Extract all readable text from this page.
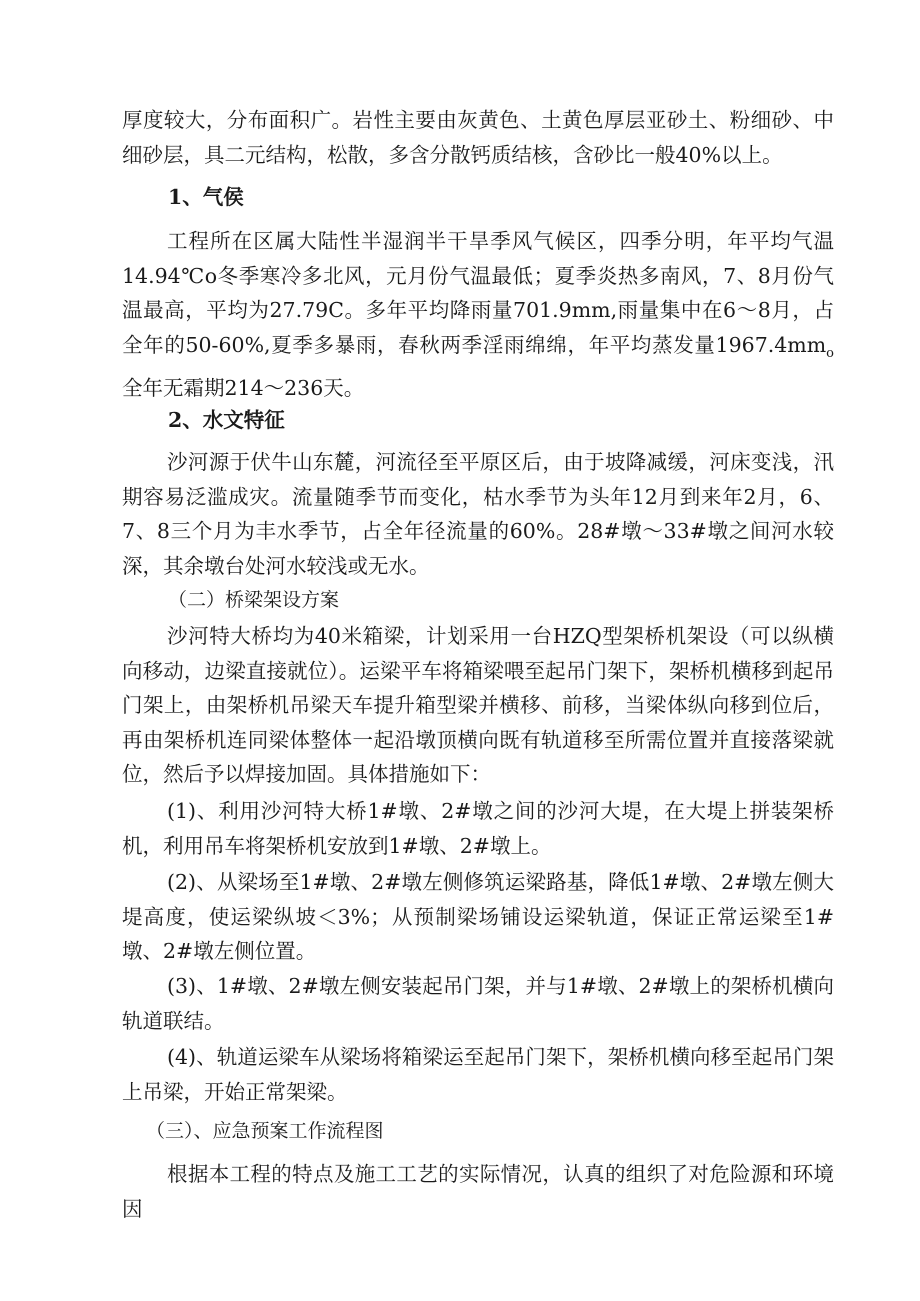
厚度较大，分布面积广。岩性主要由灰黄色、土黄色厚层亚砂土、粉细砂、中细砂层，具二元结构，松散，多含分散钙质结核，含砂比一般40%以上。
1、气侯
工程所在区属大陆性半湿润半干旱季风气候区，四季分明，年平均气温14.94℃o冬季寒冷多北风，元月份气温最低；夏季炎热多南风，7、8月份气温最高，平均为27.79C。多年平均降雨量701.9mm,雨量集中在6～8月，占全年的50-60%,夏季多暴雨，春秋两季淫雨绵绵，年平均蒸发量$1967.4mm_o$全年无霜期214～236天。
2、水文特征
沙河源于伏牛山东麓，河流径至平原区后，由于坡降减缓，河床变浅，汛期容易泛滥成灾。流量随季节而变化，枯水季节为头年12月到来年2月，6、7、8三个月为丰水季节，占全年径流量的60%。28#墩～33#墩之间河水较深，其余墩台处河水较浅或无水。
（二）桥梁架设方案
沙河特大桥均为40米箱梁，计划采用一台HZQ型架桥机架设（可以纵横向移动，边梁直接就位）。运梁平车将箱梁喂至起吊门架下，架桥机横移到起吊门架上，由架桥机吊梁天车提升箱型梁并横移、前移，当梁体纵向移到位后，再由架桥机连同梁体整体一起沿墩顶横向既有轨道移至所需位置并直接落梁就位，然后予以焊接加固。具体措施如下：
(1)、利用沙河特大桥1#墩、2#墩之间的沙河大堤，在大堤上拼装架桥机，利用吊车将架桥机安放到1#墩、2#墩上。
(2)、从梁场至1#墩、2#墩左侧修筑运梁路基，降低1#墩、2#墩左侧大堤高度，使运梁纵坡＜3%；从预制梁场铺设运梁轨道，保证正常运梁至1#墩、2#墩左侧位置。
(3)、1#墩、2#墩左侧安装起吊门架，并与1#墩、2#墩上的架桥机横向轨道联结。
(4)、轨道运梁车从梁场将箱梁运至起吊门架下，架桥机横向移至起吊门架上吊梁，开始正常架梁。
（三）、应急预案工作流程图
根据本工程的特点及施工工艺的实际情况，认真的组织了对危险源和环境因
